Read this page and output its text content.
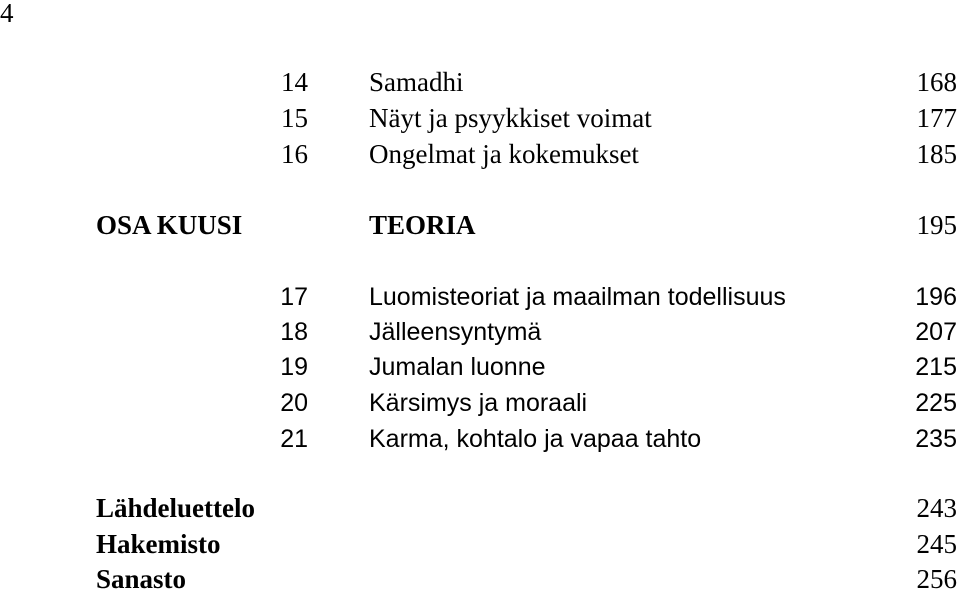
4
14 Samadhi	168
15 Näyt ja psyykkiset voimat	177
16 Ongelmat ja kokemukset	185
OSA KUUSI	TEORIA	195
17 Luomisteoriat ja maailman todellisuus	196
18 Jälleensyntymä	207
19 Jumalan luonne	215
20 Kärsimys ja moraali	225
21 Karma, kohtalo ja vapaa tahto	235
Lähdeluettelo	243
Hakemisto	245
Sanasto	256
